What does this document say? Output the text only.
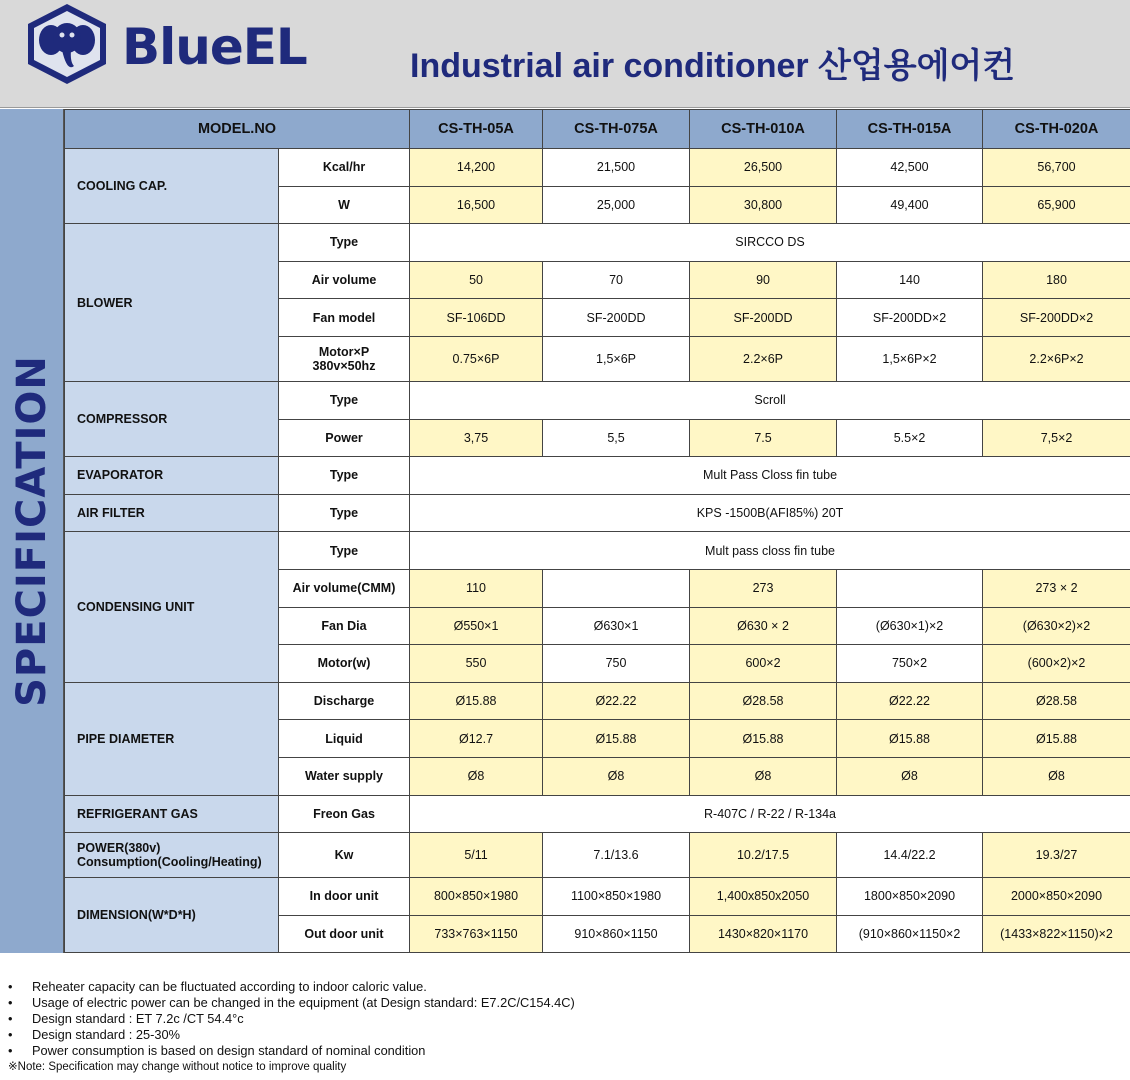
BlueEL	Industrial air conditioner 산업용에어컨
SPECIFICATION
MODEL.NO		CS-TH-05A	CS-TH-075A	CS-TH-010A	CS-TH-015A	CS-TH-020A
COOLING CAP.	Kcal/hr	14,200	21,500	26,500	42,500	56,700
	W	16,500	25,000	30,800	49,400	65,900
BLOWER	Type	SIRCCO DS				
	Air volume	50	70	90	140	180
	Fan model	SF-106DD	SF-200DD	SF-200DD	SF-200DD×2	SF-200DD×2
	Motor×P
380v×50hz	0.75×6P	1,5×6P	2.2×6P	1,5×6P×2	2.2×6P×2
COMPRESSOR	Type	Scroll				
	Power	3,75	5,5	7.5	5.5×2	7,5×2
EVAPORATOR	Type	Mult Pass Closs fin tube				
AIR FILTER	Type	KPS -1500B(AFI85%) 20T				
CONDENSING UNIT	Type	Mult pass closs fin tube				
	Air volume(CMM)	110		273		273 × 2
	Fan Dia	Ø550×1	Ø630×1	Ø630 × 2	(Ø630×1)×2	(Ø630×2)×2
	Motor(w)	550	750	600×2	750×2	(600×2)×2
PIPE DIAMETER	Discharge	Ø15.88	Ø22.22	Ø28.58	Ø22.22	Ø28.58
	Liquid	Ø12.7	Ø15.88	Ø15.88	Ø15.88	Ø15.88
	Water supply	Ø8	Ø8	Ø8	Ø8	Ø8
REFRIGERANT GAS	Freon Gas	R-407C / R-22 / R-134a				
POWER(380v)
Consumption(Cooling/Heating)	Kw	5/11	7.1/13.6	10.2/17.5	14.4/22.2	19.3/27
DIMENSION(W*D*H)	In door unit	800×850×1980	1100×850×1980	1,400x850x2050	1800×850×2090	2000×850×2090
	Out door unit	733×763×1150	910×860×1150	1430×820×1170	(910×860×1150×2	(1433×822×1150)×2
• Reheater capacity can be fluctuated according to indoor caloric value.
• Usage of electric power can be changed in the equipment (at Design standard: E7.2C/C154.4C)
• Design standard : ET 7.2c /CT 54.4°c
• Design standard : 25-30%
• Power consumption is based on design standard of nominal condition
※Note: Specification may change without notice to improve quality
